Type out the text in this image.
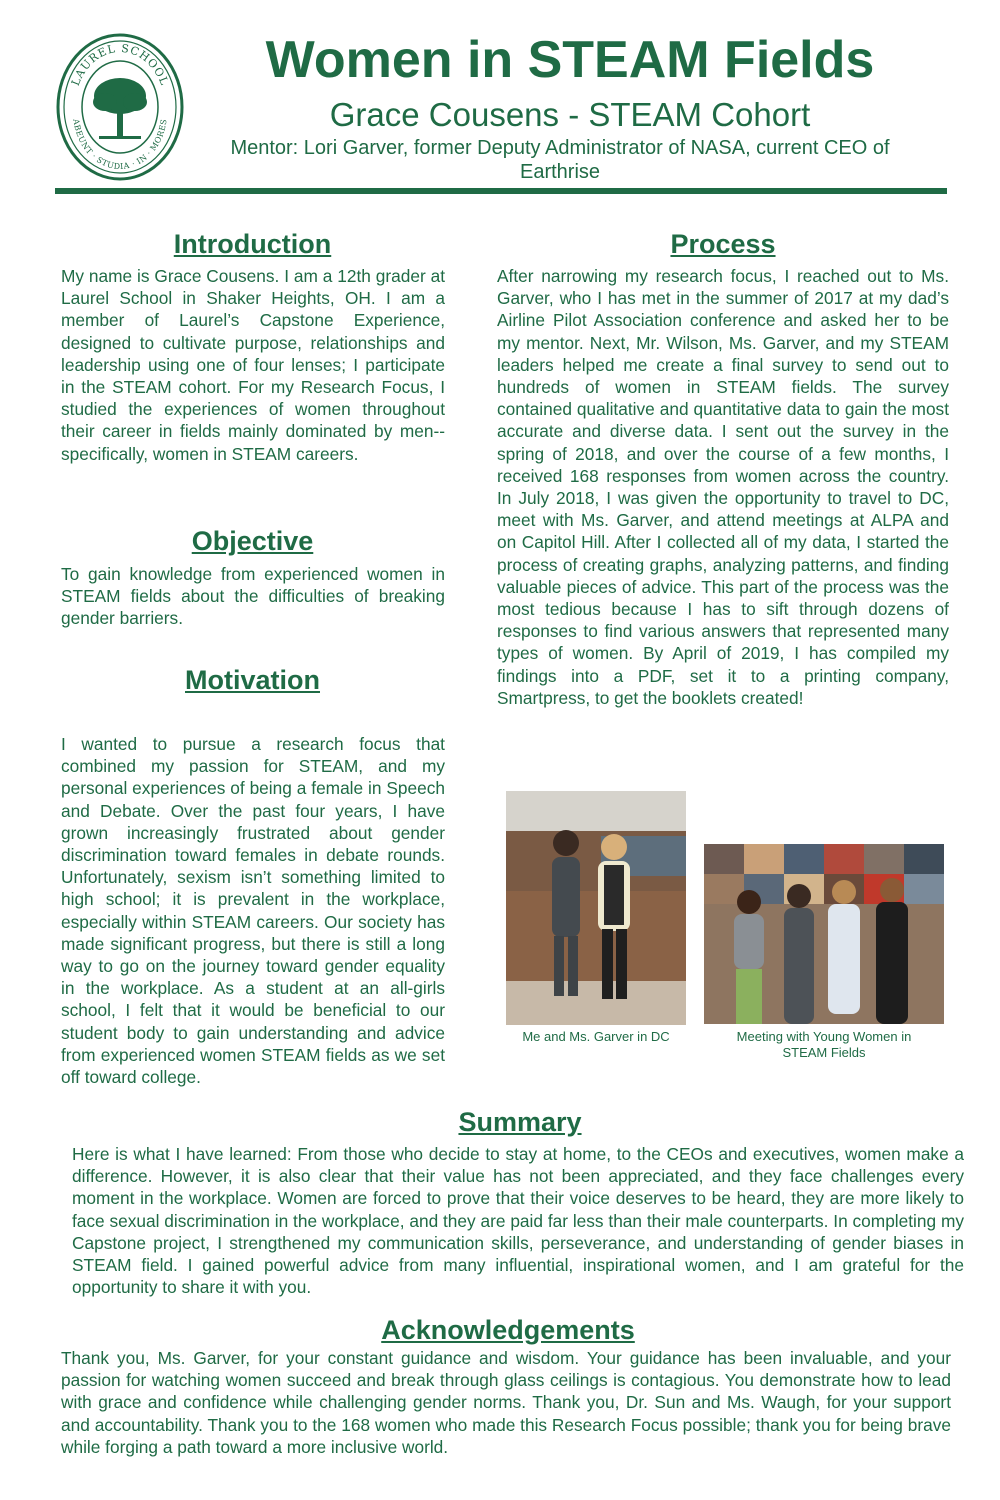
LAUREL SCHOOL
ABEUNT · STUDIA · IN · MORES
Women in STEAM Fields

Grace Cousens - STEAM Cohort

Mentor: Lori Garver, former Deputy Administrator of NASA, current CEO of Earthrise

Introduction

My name is Grace Cousens. I am a 12th grader at Laurel School in Shaker Heights, OH. I am a member of Laurel’s Capstone Experience, designed to cultivate purpose, relationships and leadership using one of four lenses; I participate in the STEAM cohort. For my Research Focus, I studied the experiences of women throughout their career in fields mainly dominated by men--specifically, women in STEAM careers.

Objective

To gain knowledge from experienced women in STEAM fields about the difficulties of breaking gender barriers.

Motivation

I wanted to pursue a research focus that combined my passion for STEAM, and my personal experiences of being a female in Speech and Debate. Over the past four years, I have grown increasingly frustrated about gender discrimination toward females in debate rounds. Unfortunately, sexism isn’t something limited to high school; it is prevalent in the workplace, especially within STEAM careers. Our society has made significant progress, but there is still a long way to go on the journey toward gender equality in the workplace. As a student at an all-girls school, I felt that it would be beneficial to our student body to gain understanding and advice from experienced women STEAM fields as we set off toward college.

Process

After narrowing my research focus, I reached out to Ms. Garver, who I has met in the summer of 2017 at my dad’s Airline Pilot Association conference and asked her to be my mentor. Next, Mr. Wilson, Ms. Garver, and my STEAM leaders helped me create a final survey to send out to hundreds of women in STEAM fields. The survey contained qualitative and quantitative data to gain the most accurate and diverse data. I sent out the survey in the spring of 2018, and over the course of a few months, I received 168 responses from women across the country. In July 2018, I was given the opportunity to travel to DC, meet with Ms. Garver, and attend meetings at ALPA and on Capitol Hill. After I collected all of my data, I started the process of creating graphs, analyzing patterns, and finding valuable pieces of advice. This part of the process was the most tedious because I has to sift through dozens of responses to find various answers that represented many types of women. By April of 2019, I has compiled my findings into a PDF, set it to a printing company, Smartpress, to get the booklets created!

Me and Ms. Garver in DC	Meeting with Young Women in STEAM Fields

Summary

Here is what I have learned: From those who decide to stay at home, to the CEOs and executives, women make a difference. However, it is also clear that their value has not been appreciated, and they face challenges every moment in the workplace. Women are forced to prove that their voice deserves to be heard, they are more likely to face sexual discrimination in the workplace, and they are paid far less than their male counterparts. In completing my Capstone project, I strengthened my communication skills, perseverance, and understanding of gender biases in STEAM field. I gained powerful advice from many influential, inspirational women, and I am grateful for the opportunity to share it with you.

Acknowledgements

Thank you, Ms. Garver, for your constant guidance and wisdom. Your guidance has been invaluable, and your passion for watching women succeed and break through glass ceilings is contagious. You demonstrate how to lead with grace and confidence while challenging gender norms. Thank you, Dr. Sun and Ms. Waugh, for your support and accountability. Thank you to the 168 women who made this Research Focus possible; thank you for being brave while forging a path toward a more inclusive world.
